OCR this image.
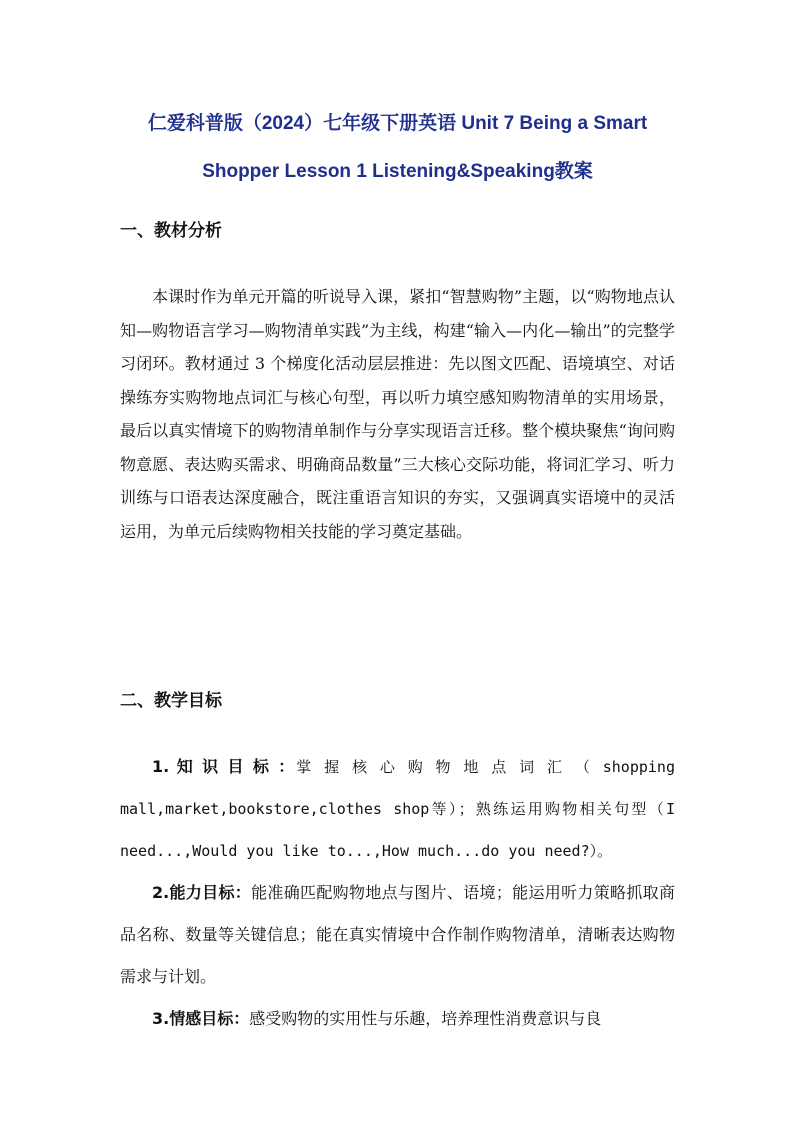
仁爱科普版（2024）七年级下册英语 Unit 7 Being a Smart Shopper Lesson 1 Listening&Speaking教案
一、教材分析

本课时作为单元开篇的听说导入课，紧扣“智慧购物”主题，以“购物地点认知—购物语言学习—购物清单实践”为主线，构建“输入—内化—输出”的完整学习闭环。教材通过 3 个梯度化活动层层推进：先以图文匹配、语境填空、对话操练夯实购物地点词汇与核心句型，再以听力填空感知购物清单的实用场景，最后以真实情境下的购物清单制作与分享实现语言迁移。整个模块聚焦“询问购物意愿、表达购买需求、明确商品数量”三大核心交际功能，将词汇学习、听力训练与口语表达深度融合，既注重语言知识的夯实，又强调真实语境中的灵活运用，为单元后续购物相关技能的学习奠定基础。

二、教学目标

1. 知 识 目 标 ：掌 握 核 心 购 物 地 点 词 汇 （ shopping mall,market,bookstore,clothes shop等）；熟练运用购物相关句型（I need...,Would you like to...,How much...do you need?）。

2.能力目标：能准确匹配购物地点与图片、语境；能运用听力策略抓取商品名称、数量等关键信息；能在真实情境中合作制作购物清单，清晰表达购物需求与计划。

3.情感目标：感受购物的实用性与乐趣，培养理性消费意识与良
